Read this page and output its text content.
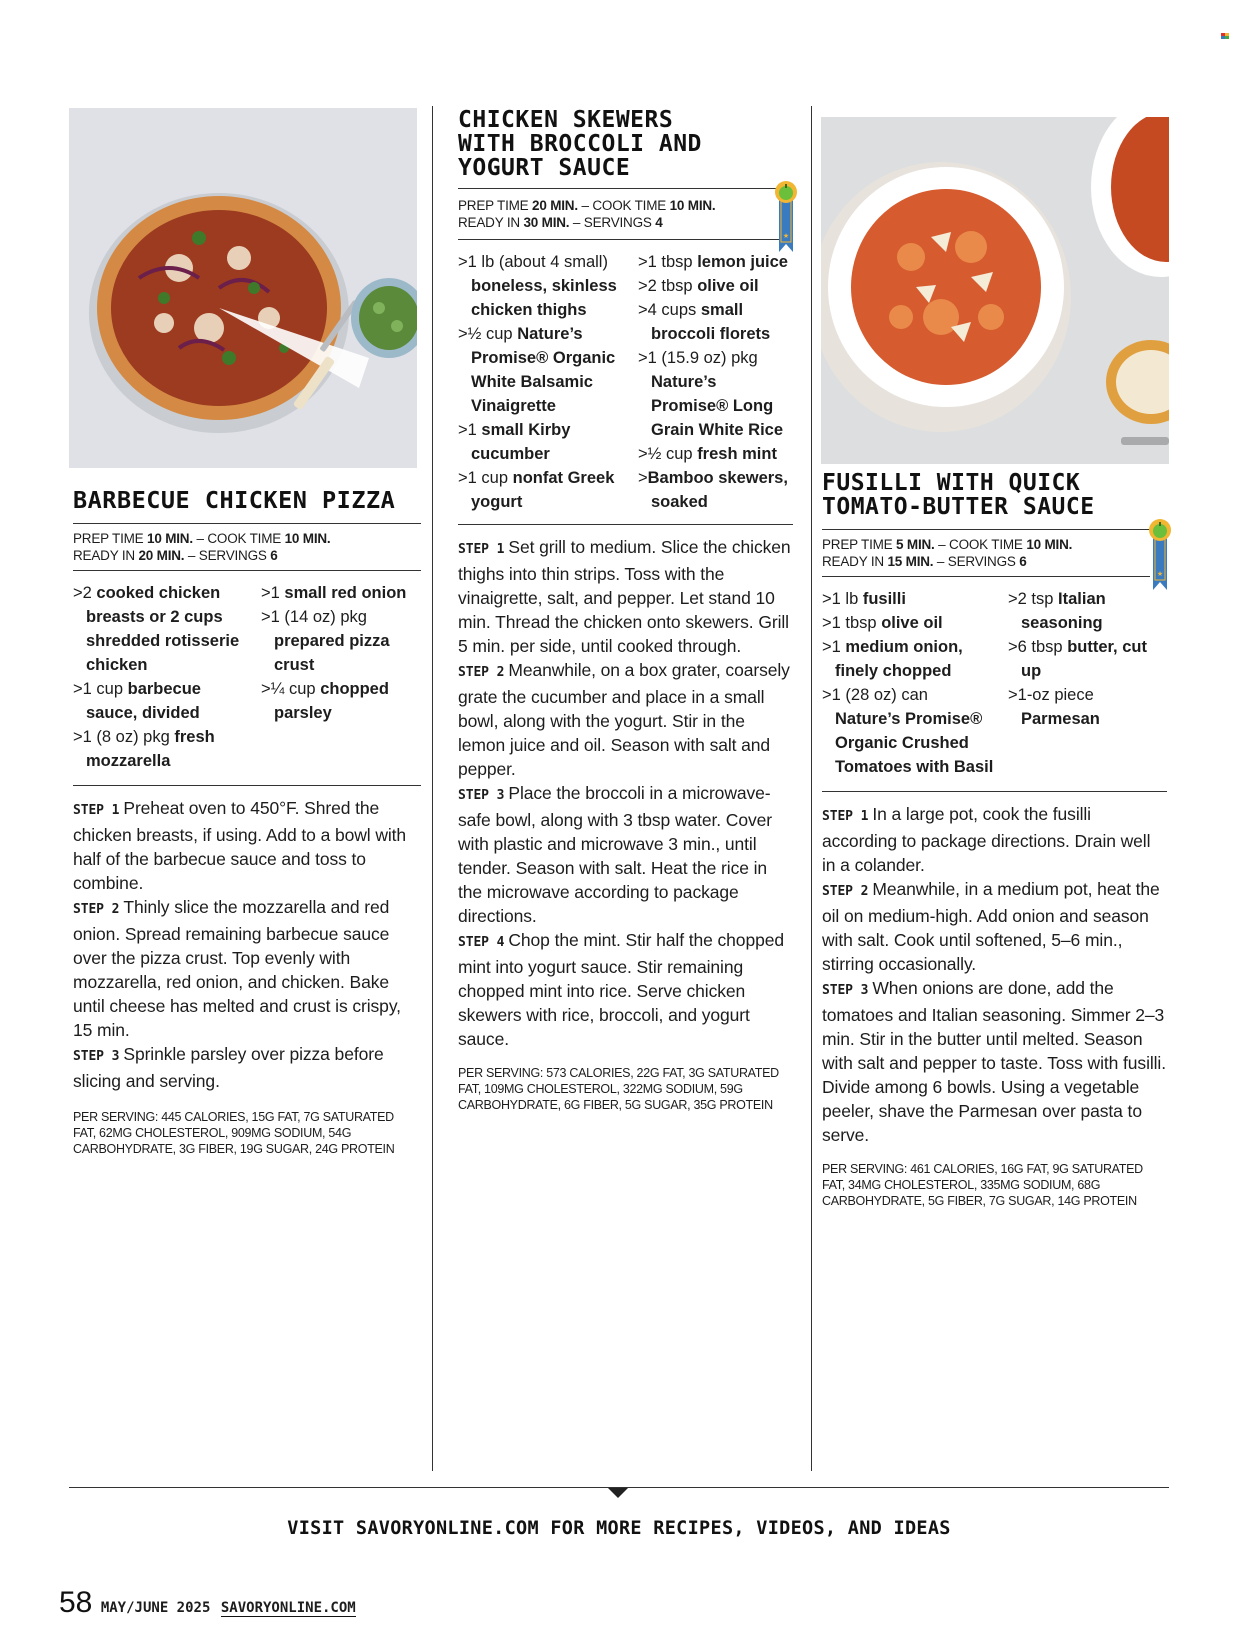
BARBECUE CHICKEN PIZZA
PREP TIME 10 MIN. – COOK TIME 10 MIN.
READY IN 20 MIN. – SERVINGS 6

>2 cooked chicken breasts or 2 cups shredded rotisserie chicken

>1 cup barbecue sauce, divided

>1 (8 oz) pkg fresh mozzarella

>1 small red onion

>1 (14 oz) pkg prepared pizza crust

>¼ cup chopped parsley

STEP 1 Preheat oven to 450°F. Shred the chicken breasts, if using. Add to a bowl with half of the barbecue sauce and toss to combine.

STEP 2 Thinly slice the mozzarella and red onion. Spread remaining barbecue sauce over the pizza crust. Top evenly with mozzarella, red onion, and chicken. Bake until cheese has melted and crust is crispy, 15 min.

STEP 3 Sprinkle parsley over pizza before slicing and serving.

PER SERVING: 445 CALORIES, 15G FAT, 7G SATURATED FAT, 62MG CHOLESTEROL, 909MG SODIUM, 54G CARBOHYDRATE, 3G FIBER, 19G SUGAR, 24G PROTEIN
CHICKEN SKEWERS
WITH BROCCOLI AND
YOGURT SAUCE
PREP TIME 20 MIN. – COOK TIME 10 MIN.
READY IN 30 MIN. – SERVINGS 4

>1 lb (about 4 small) boneless, skinless chicken thighs

>½ cup Nature’s Promise® Organic White Balsamic Vinaigrette

>1 small Kirby cucumber

>1 cup nonfat Greek yogurt

>1 tbsp lemon juice

>2 tbsp olive oil

>4 cups small broccoli florets

>1 (15.9 oz) pkg Nature’s Promise® Long Grain White Rice

>½ cup fresh mint

>Bamboo skewers, soaked

STEP 1 Set grill to medium. Slice the chicken thighs into thin strips. Toss with the vinaigrette, salt, and pepper. Let stand 10 min. Thread the chicken onto skewers. Grill 5 min. per side, until cooked through.

STEP 2 Meanwhile, on a box grater, coarsely grate the cucumber and place in a small bowl, along with the yogurt. Stir in the lemon juice and oil. Season with salt and pepper.

STEP 3 Place the broccoli in a microwave-safe bowl, along with 3 tbsp water. Cover with plastic and microwave 3 min., until tender. Season with salt. Heat the rice in the microwave according to package directions.

STEP 4 Chop the mint. Stir half the chopped mint into yogurt sauce. Stir remaining chopped mint into rice. Serve chicken skewers with rice, broccoli, and yogurt sauce.

PER SERVING: 573 CALORIES, 22G FAT, 3G SATURATED FAT, 109MG CHOLESTEROL, 322MG SODIUM, 59G CARBOHYDRATE, 6G FIBER, 5G SUGAR, 35G PROTEIN
★
FUSILLI WITH QUICK
TOMATO-BUTTER SAUCE
PREP TIME 5 MIN. – COOK TIME 10 MIN.
READY IN 15 MIN. – SERVINGS 6

>1 lb fusilli

>1 tbsp olive oil

>1 medium onion, finely chopped

>1 (28 oz) can Nature’s Promise® Organic Crushed Tomatoes with Basil

>2 tsp Italian seasoning

>6 tbsp butter, cut up

>1-oz piece Parmesan

STEP 1 In a large pot, cook the fusilli according to package directions. Drain well in a colander.

STEP 2 Meanwhile, in a medium pot, heat the oil on medium-high. Add onion and season with salt. Cook until softened, 5–6 min., stirring occasionally.

STEP 3 When onions are done, add the tomatoes and Italian seasoning. Simmer 2–3 min. Stir in the butter until melted. Season with salt and pepper to taste. Toss with fusilli. Divide among 6 bowls. Using a vegetable peeler, shave the Parmesan over pasta to serve.

PER SERVING: 461 CALORIES, 16G FAT, 9G SATURATED FAT, 34MG CHOLESTEROL, 335MG SODIUM, 68G CARBOHYDRATE, 5G FIBER, 7G SUGAR, 14G PROTEIN
★
VISIT SAVORYONLINE.COM FOR MORE RECIPES, VIDEOS, AND IDEAS
58 MAY/JUNE 2025 SAVORYONLINE.COM
